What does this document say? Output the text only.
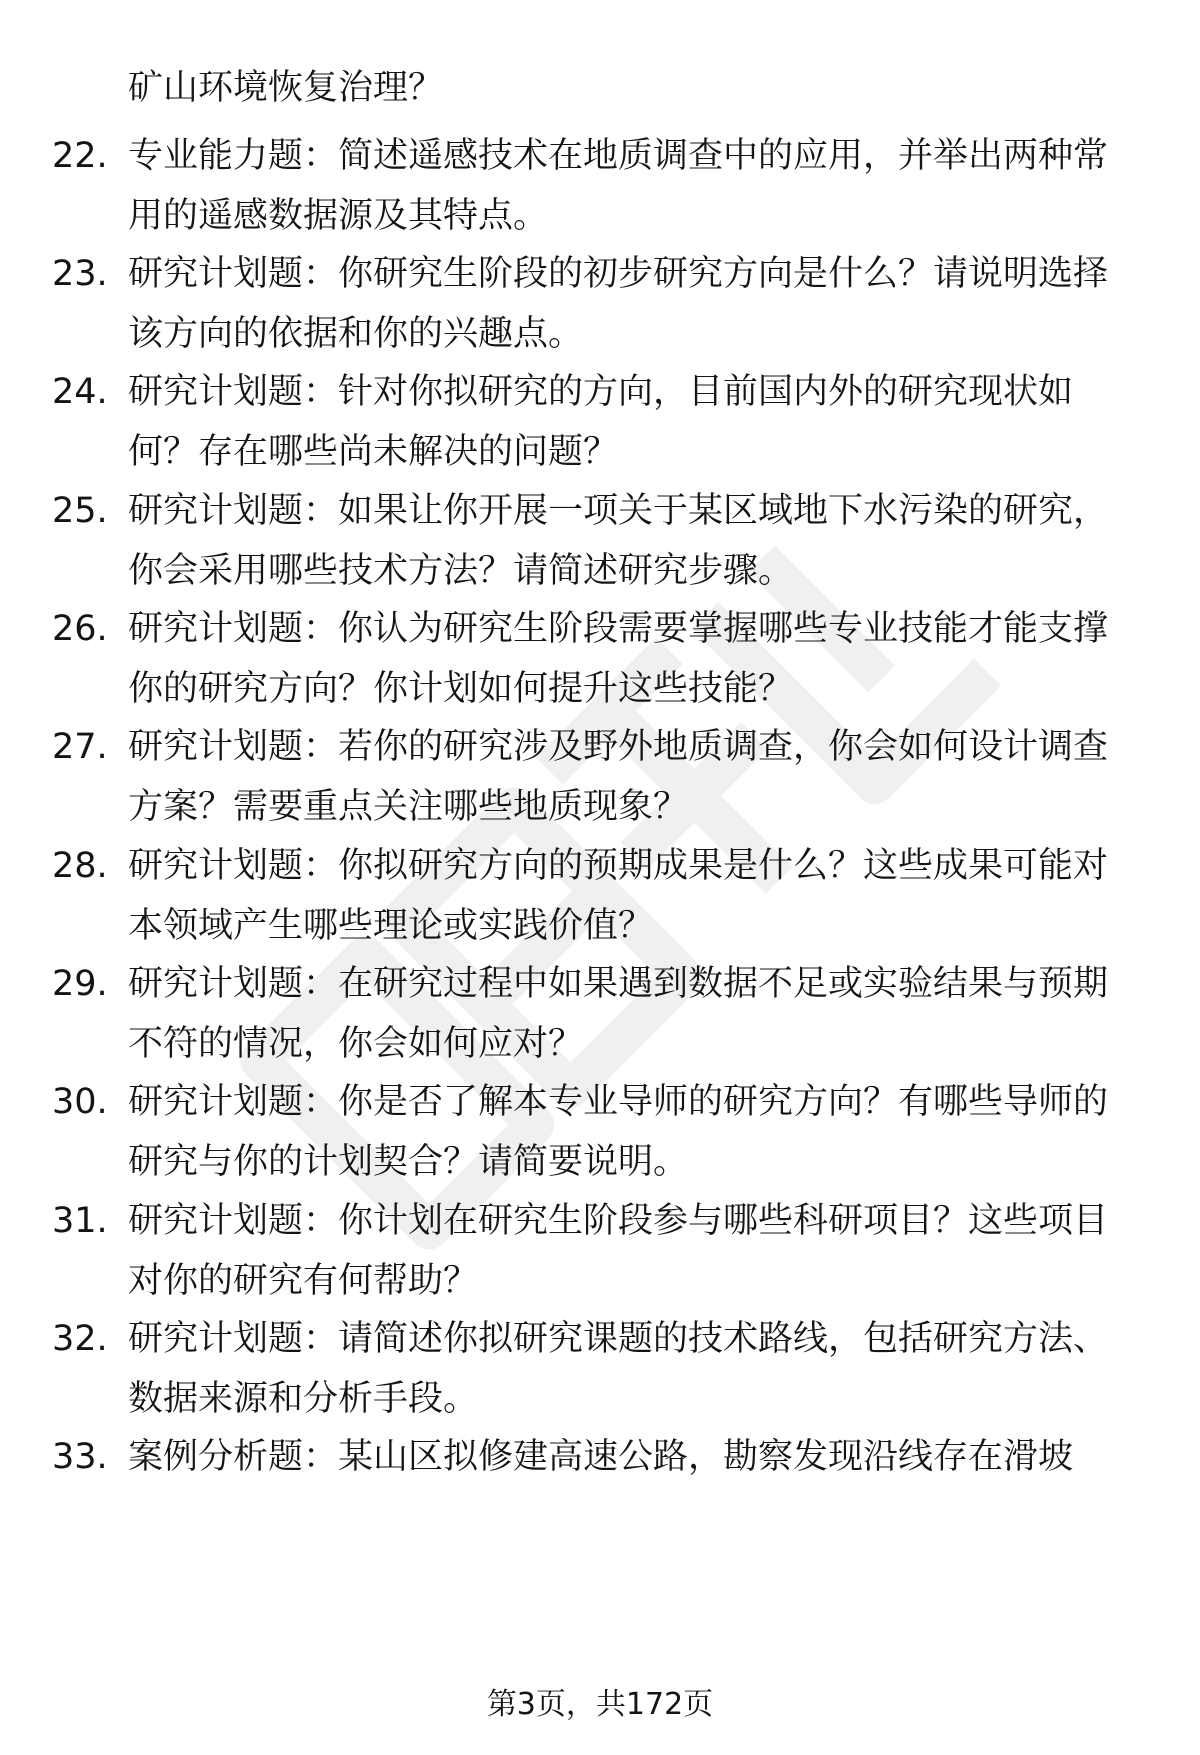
矿山环境恢复治理？
22. 专业能力题：简述遥感技术在地质调查中的应用，并举出两种常
用的遥感数据源及其特点。
23. 研究计划题：你研究生阶段的初步研究方向是什么？请说明选择
该方向的依据和你的兴趣点。
24. 研究计划题：针对你拟研究的方向，目前国内外的研究现状如
何？存在哪些尚未解决的问题？
25. 研究计划题：如果让你开展一项关于某区域地下水污染的研究，
你会采用哪些技术方法？请简述研究步骤。
26. 研究计划题：你认为研究生阶段需要掌握哪些专业技能才能支撑
你的研究方向？你计划如何提升这些技能？
27. 研究计划题：若你的研究涉及野外地质调查，你会如何设计调查
方案？需要重点关注哪些地质现象？
28. 研究计划题：你拟研究方向的预期成果是什么？这些成果可能对
本领域产生哪些理论或实践价值？
29. 研究计划题：在研究过程中如果遇到数据不足或实验结果与预期
不符的情况，你会如何应对？
30. 研究计划题：你是否了解本专业导师的研究方向？有哪些导师的
研究与你的计划契合？请简要说明。
31. 研究计划题：你计划在研究生阶段参与哪些科研项目？这些项目
对你的研究有何帮助？
32. 研究计划题：请简述你拟研究课题的技术路线，包括研究方法、
数据来源和分析手段。
33. 案例分析题：某山区拟修建高速公路，勘察发现沿线存在滑坡
第3页，共172页
